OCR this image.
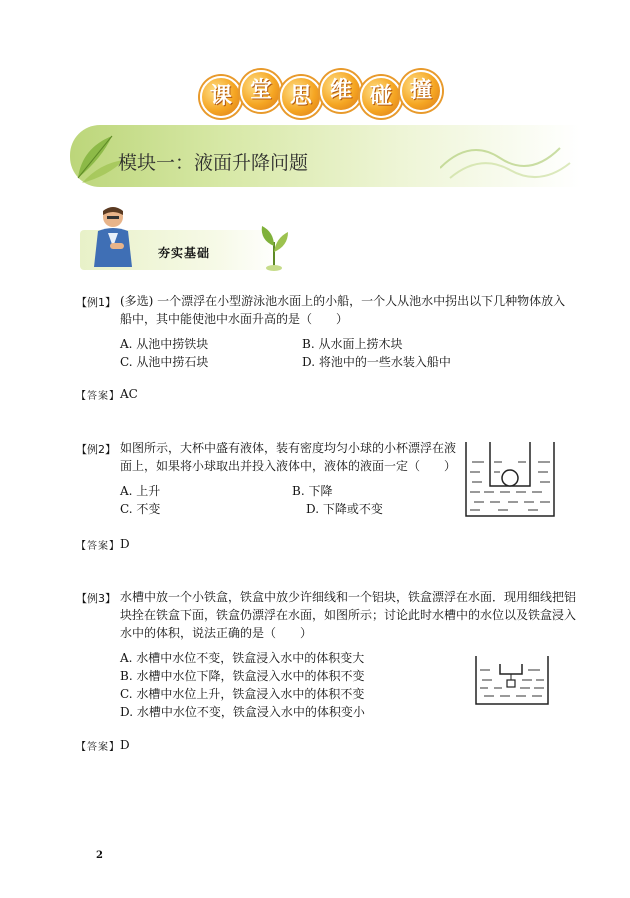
课 堂 思 维 碰 撞
模块一：液面升降问题
夯实基础
【例1】 (多选) 一个漂浮在小型游泳池水面上的小船，一个人从池水中拐出以下几种物体放入
船中，其中能使池中水面升高的是（　　）
A. 从池中捞铁块	B. 从水面上捞木块
C. 从池中捞石块	D. 将池中的一些水装入船中
【答案】 AC
【例2】 如图所示，大杯中盛有液体，装有密度均匀小球的小杯漂浮在液
面上，如果将小球取出并投入液体中，液体的液面一定（　　）
A. 上升	B. 下降
C. 不变	D. 下降或不变
【答案】 D
【例3】 水槽中放一个小铁盒，铁盒中放少许细线和一个铝块，铁盒漂浮在水面．现用细线把铝
块拴在铁盒下面，铁盒仍漂浮在水面，如图所示；讨论此时水槽中的水位以及铁盒浸入
水中的体积，说法正确的是（　　）
A. 水槽中水位不变，铁盒浸入水中的体积变大
B. 水槽中水位下降，铁盒浸入水中的体积不变
C. 水槽中水位上升，铁盒浸入水中的体积不变
D. 水槽中水位不变，铁盒浸入水中的体积变小
【答案】 D
2
